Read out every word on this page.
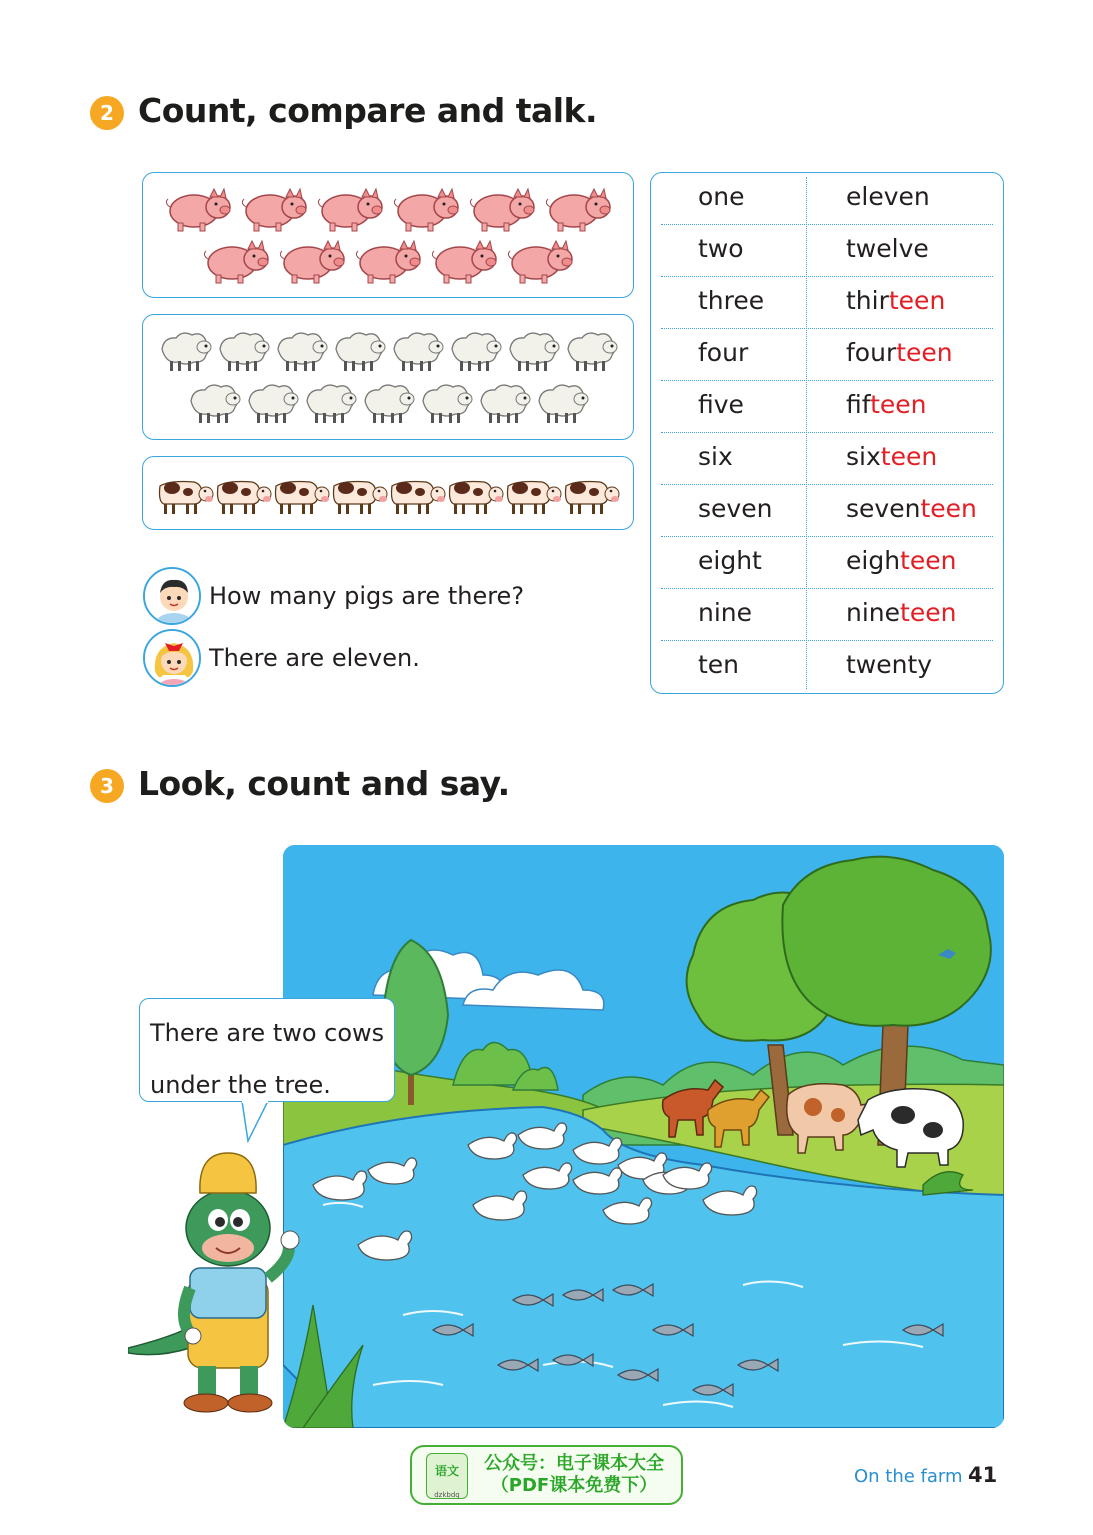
2 Count, compare and talk.
How many pigs are there?
There are eleven.
one	eleven
two	twelve
three	thirteen
four	fourteen
five	fifteen
six	sixteen
seven	seventeen
eight	eighteen
nine	nineteen
ten	twenty
3 Look, count and say.
There are two cows under the tree.
语文
dzkbdq
公众号：电子课本大全
（PDF课本免费下）	On the farm 41
